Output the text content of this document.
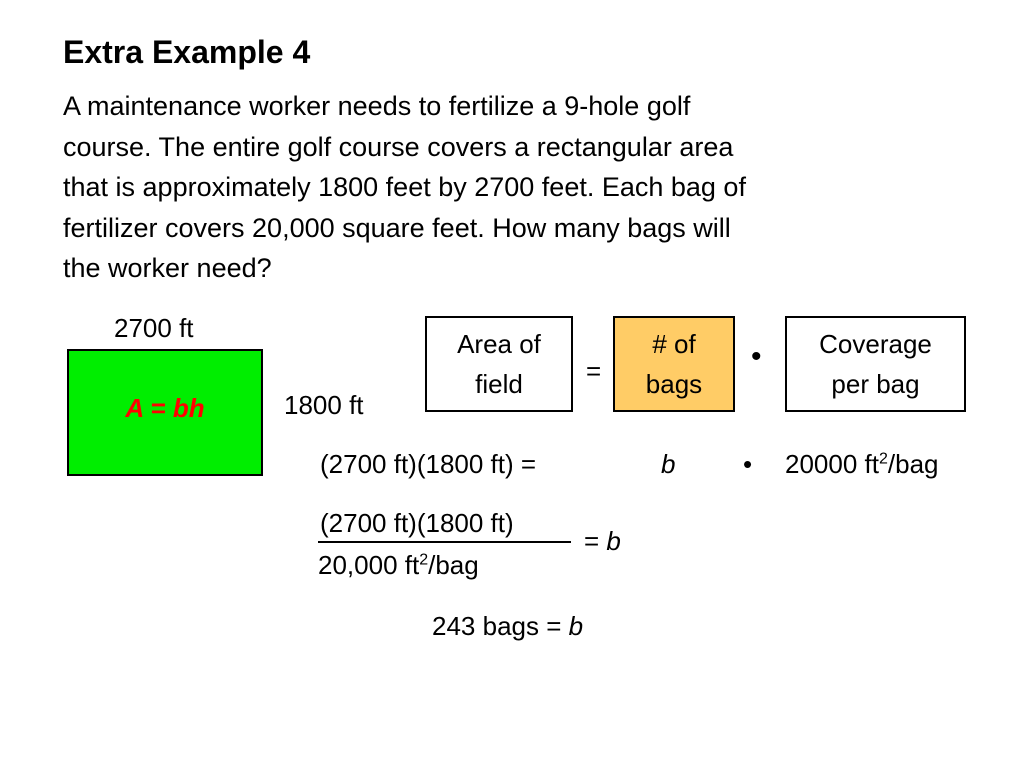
Extra Example 4
A maintenance worker needs to fertilize a 9-hole golf
course. The entire golf course covers a rectangular area
that is approximately 1800 feet by 2700 feet. Each bag of
fertilizer covers 20,000 square feet. How many bags will
the worker need?
2700 ft
A = bh	1800 ft
Area of
field =
# of
bags
• Coverage
per bag
(2700 ft)(1800 ft) =	b	• 20000 $ft^2$/bag
(2700 ft)(1800 ft)
20,000 $ft^2$/bag
= b
243 bags = b
